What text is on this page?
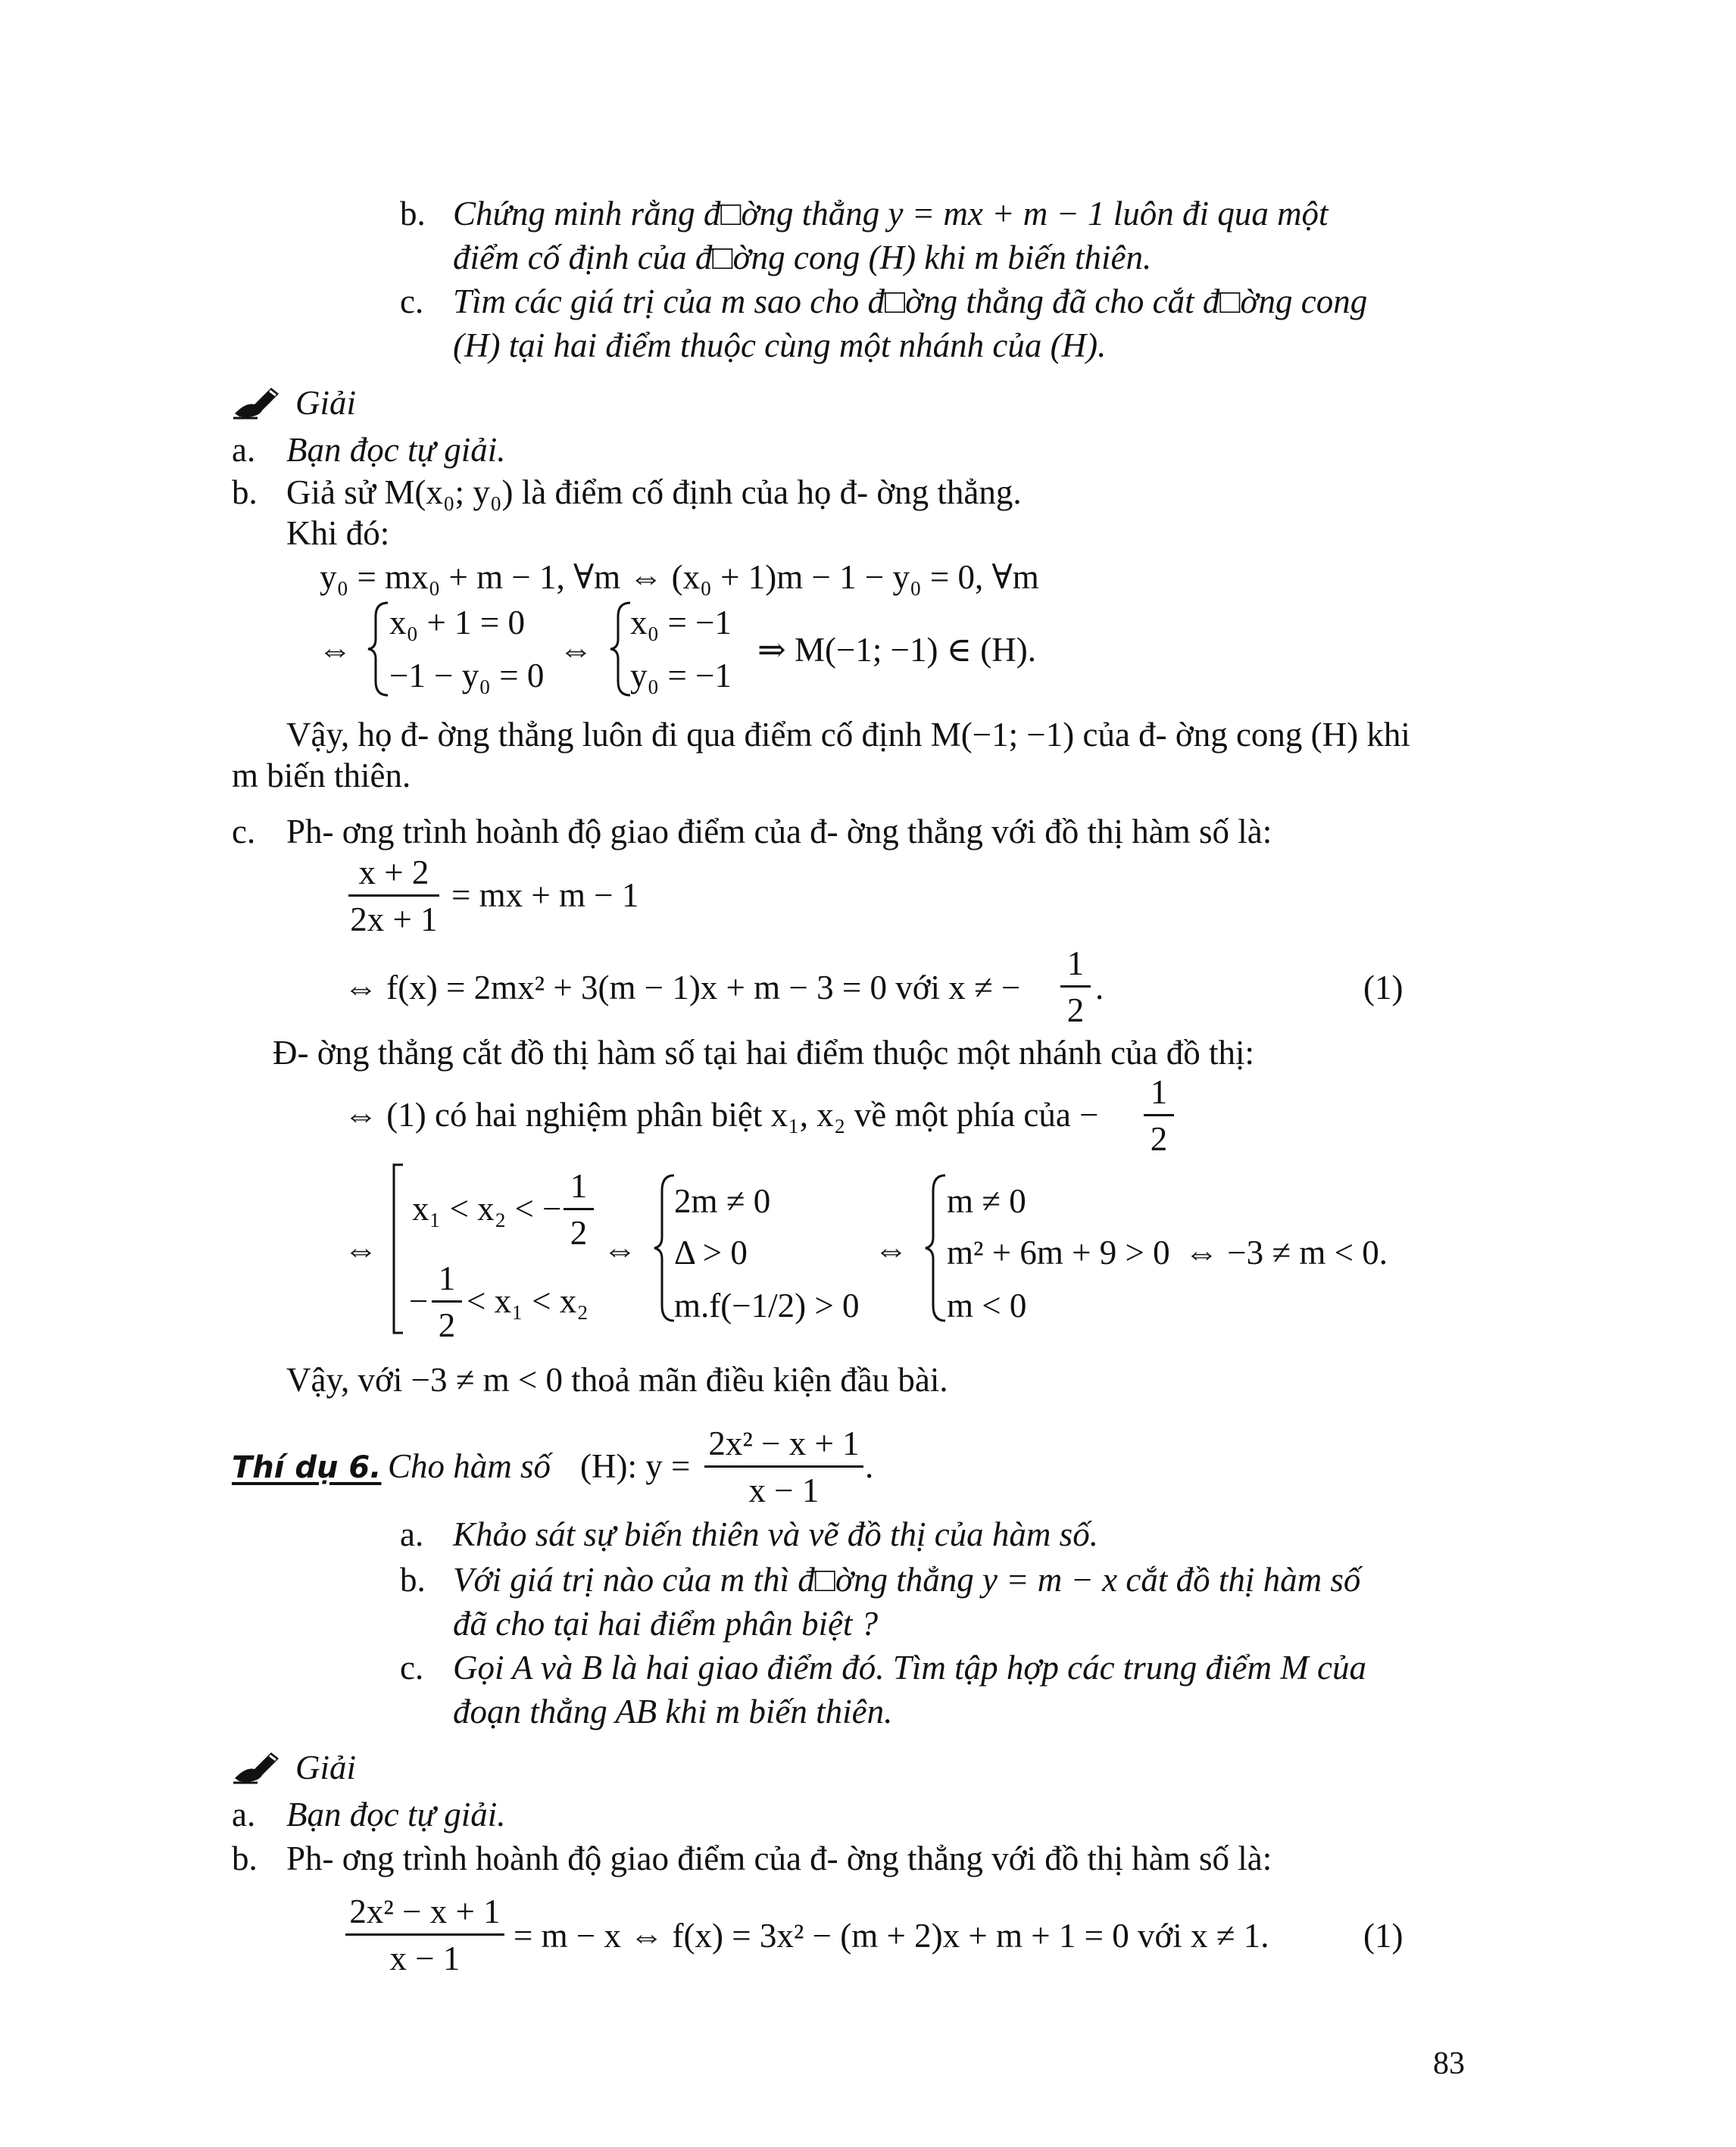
b. Chứng minh rằng đ□ờng thẳng y = mx + m − 1 luôn đi qua một
điểm cố định của đ□ờng cong (H) khi m biến thiên.
c. Tìm các giá trị của m sao cho đ□ờng thẳng đã cho cắt đ□ờng cong
(H) tại hai điểm thuộc cùng một nhánh của (H).
Giải
a. Bạn đọc tự giải.
b. Giả sử M(x₀; y₀) là điểm cố định của họ đ- ờng thẳng.
Khi đó:
y₀ = mx₀ + m − 1, ∀m ⇔ (x₀ + 1)m − 1 − y₀ = 0, ∀m
⇔
x₀ + 1 = 0
−1 − y₀ = 0
⇔
x₀ = −1
y₀ = −1
⇒ M(−1; −1) ∈ (H).
Vậy, họ đ- ờng thẳng luôn đi qua điểm cố định M(−1; −1) của đ- ờng cong (H) khi
m biến thiên.
c. Ph- ơng trình hoành độ giao điểm của đ- ờng thẳng với đồ thị hàm số là:
x + 2
2x + 1
= mx + m − 1
⇔ f(x) = 2mx² + 3(m − 1)x + m − 3 = 0 với x ≠ −
1
2
.	(1)
Đ- ờng thẳng cắt đồ thị hàm số tại hai điểm thuộc một nhánh của đồ thị:
⇔ (1) có hai nghiệm phân biệt x₁, x₂ về một phía của −
1
2
⇔
x₁ < x₂ < −
1
2
−
1
2
< x₁ < x₂
⇔
2m ≠ 0
Δ > 0
m.f(−1/2) > 0
⇔
m ≠ 0
m² + 6m + 9 > 0
m < 0
⇔ −3 ≠ m < 0.
Vậy, với −3 ≠ m < 0 thoả mãn điều kiện đầu bài.
Thí dụ 6. Cho hàm số (H): y =
2x² − x + 1
x − 1
.
a. Khảo sát sự biến thiên và vẽ đồ thị của hàm số.
b. Với giá trị nào của m thì đ□ờng thẳng y = m − x cắt đồ thị hàm số
đã cho tại hai điểm phân biệt ?
c. Gọi A và B là hai giao điểm đó. Tìm tập hợp các trung điểm M của
đoạn thẳng AB khi m biến thiên.
Giải
a. Bạn đọc tự giải.
b. Ph- ơng trình hoành độ giao điểm của đ- ờng thẳng với đồ thị hàm số là:
2x² − x + 1
x − 1
= m − x ⇔ f(x) = 3x² − (m + 2)x + m + 1 = 0 với x ≠ 1.	(1)
83
